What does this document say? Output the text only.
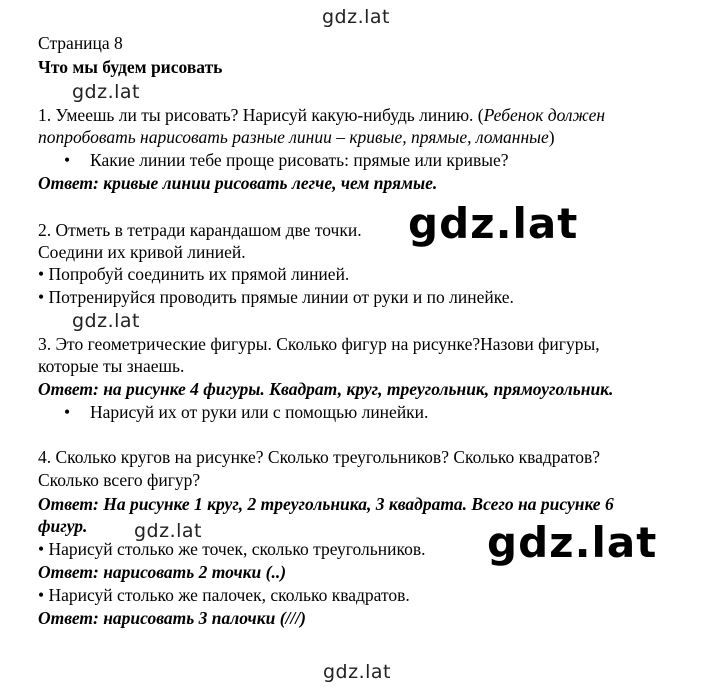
gdz.lat
gdz.lat
gdz.lat
gdz.lat
gdz.lat
Страница 8
Что мы будем рисовать
1. Умеешь ли ты рисовать? Нарисуй какую-нибудь линию. (Ребенок должен
попробовать нарисовать разные линии – кривые, прямые, ломанные)
• Какие линии тебе проще рисовать: прямые или кривые?
Ответ: кривые линии рисовать легче, чем прямые.
2. Отметь в тетради карандашом две точки.
Соедини их кривой линией.
• Попробуй соединить их прямой линией.
• Потренируйся проводить прямые линии от руки и по линейке.
3. Это геометрические фигуры. Сколько фигур на рисунке?Назови фигуры,
которые ты знаешь.
Ответ: на рисунке 4 фигуры. Квадрат, круг, треугольник, прямоугольник.
• Нарисуй их от руки или с помощью линейки.
4. Сколько кругов на рисунке? Сколько треугольников? Сколько квадратов?
Сколько всего фигур?
Ответ: На рисунке 1 круг, 2 треугольника, 3 квадрата. Всего на рисунке 6
фигур.
• Нарисуй столько же точек, сколько треугольников.
Ответ: нарисовать 2 точки (..)
• Нарисуй столько же палочек, сколько квадратов.
Ответ: нарисовать 3 палочки (///)
gdz.lat
gdz.lat
